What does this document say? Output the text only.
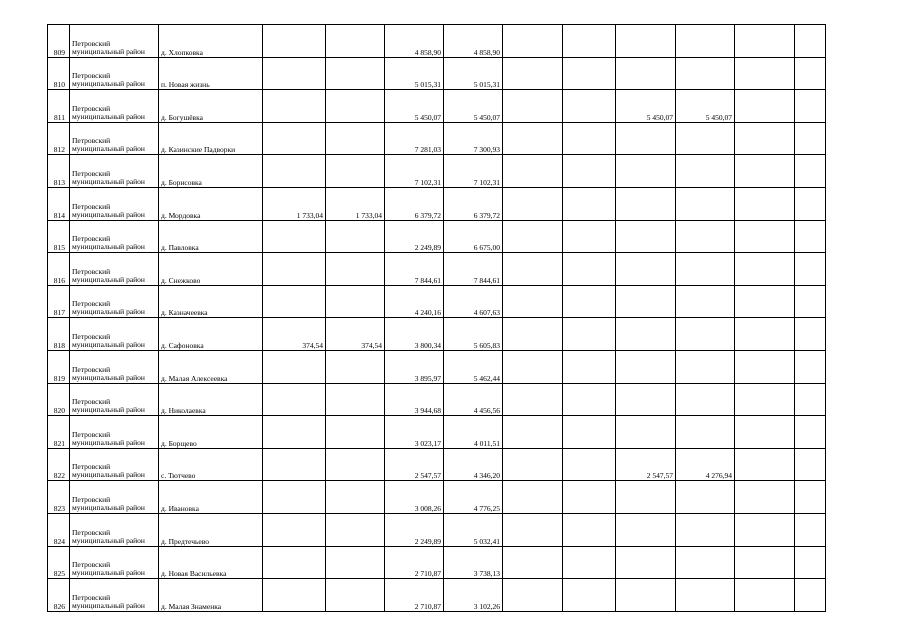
809	Петровский муниципальный район	д. Хлопковка			4 858,90	4 858,90						
810	Петровский муниципальный район	п. Новая жизнь			5 015,31	5 015,31						
811	Петровский муниципальный район	д. Богушёвка			5 450,07	5 450,07			5 450,07	5 450,07		
812	Петровский муниципальный район	д. Казинские Падворки			7 281,03	7 300,93						
813	Петровский муниципальный район	д. Борисовка			7 102,31	7 102,31						
814	Петровский муниципальный район	д. Мордовка	1 733,04	1 733,04	6 379,72	6 379,72						
815	Петровский муниципальный район	д. Павловка			2 249,89	6 675,00						
816	Петровский муниципальный район	д. Снежково			7 844,61	7 844,61						
817	Петровский муниципальный район	д. Казначеевка			4 240,16	4 607,63						
818	Петровский муниципальный район	д. Сафоновка	374,54	374,54	3 800,34	5 605,83						
819	Петровский муниципальный район	д. Малая Алексеевка			3 895,97	5 462,44						
820	Петровский муниципальный район	д. Николаевка			3 944,68	4 456,56						
821	Петровский муниципальный район	д. Борщево			3 023,17	4 011,51						
822	Петровский муниципальный район	с. Тютчево			2 547,57	4 346,20			2 547,57	4 276,94		
823	Петровский муниципальный район	д. Ивановка			3 008,26	4 776,25						
824	Петровский муниципальный район	д. Предтечьево			2 249,89	5 032,41						
825	Петровский муниципальный район	д. Новая Васильевка			2 710,87	3 738,13						
826	Петровский муниципальный район	д. Малая Знаменка			2 710,87	3 102,26						
